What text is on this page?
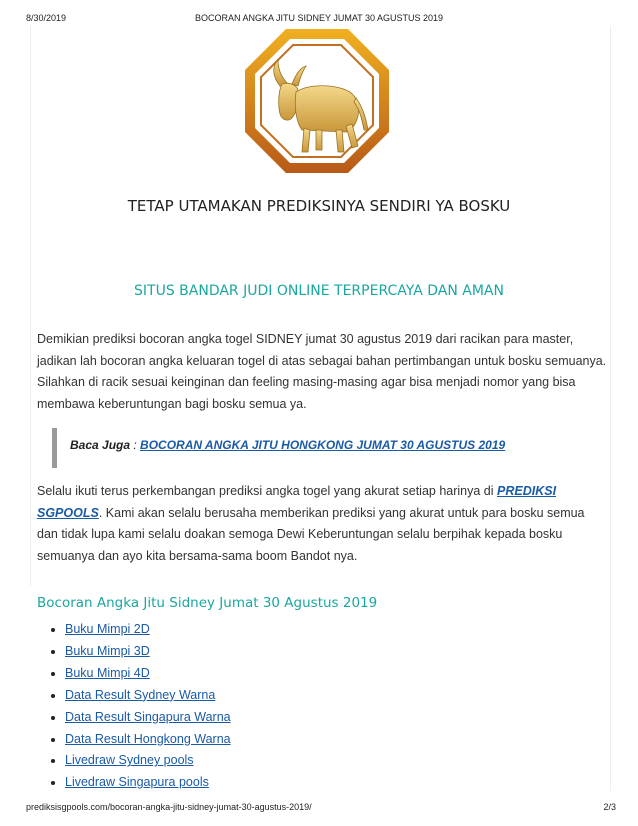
8/30/2019	BOCORAN ANGKA JITU SIDNEY JUMAT 30 AGUSTUS 2019
TETAP UTAMAKAN PREDIKSINYA SENDIRI YA BOSKU
SITUS BANDAR JUDI ONLINE TERPERCAYA DAN AMAN

Demikian prediksi bocoran angka togel SIDNEY jumat 30 agustus 2019 dari racikan para master, jadikan lah bocoran angka keluaran togel di atas sebagai bahan pertimbangan untuk bosku semuanya. Silahkan di racik sesuai keinginan dan feeling masing-masing agar bisa menjadi nomor yang bisa membawa keberuntungan bagi bosku semua ya.

Baca Juga : BOCORAN ANGKA JITU HONGKONG JUMAT 30 AGUSTUS 2019

Selalu ikuti terus perkembangan prediksi angka togel yang akurat setiap harinya di PREDIKSI SGPOOLS. Kami akan selalu berusaha memberikan prediksi yang akurat untuk para bosku semua dan tidak lupa kami selalu doakan semoga Dewi Keberuntungan selalu berpihak kepada bosku semuanya dan ayo kita bersama-sama boom Bandot nya.

Bocoran Angka Jitu Sidney Jumat 30 Agustus 2019
• Buku Mimpi 2D
• Buku Mimpi 3D
• Buku Mimpi 4D
• Data Result Sydney Warna
• Data Result Singapura Warna
• Data Result Hongkong Warna
• Livedraw Sydney pools
• Livedraw Singapura pools
prediksisgpools.com/bocoran-angka-jitu-sidney-jumat-30-agustus-2019/	2/3
